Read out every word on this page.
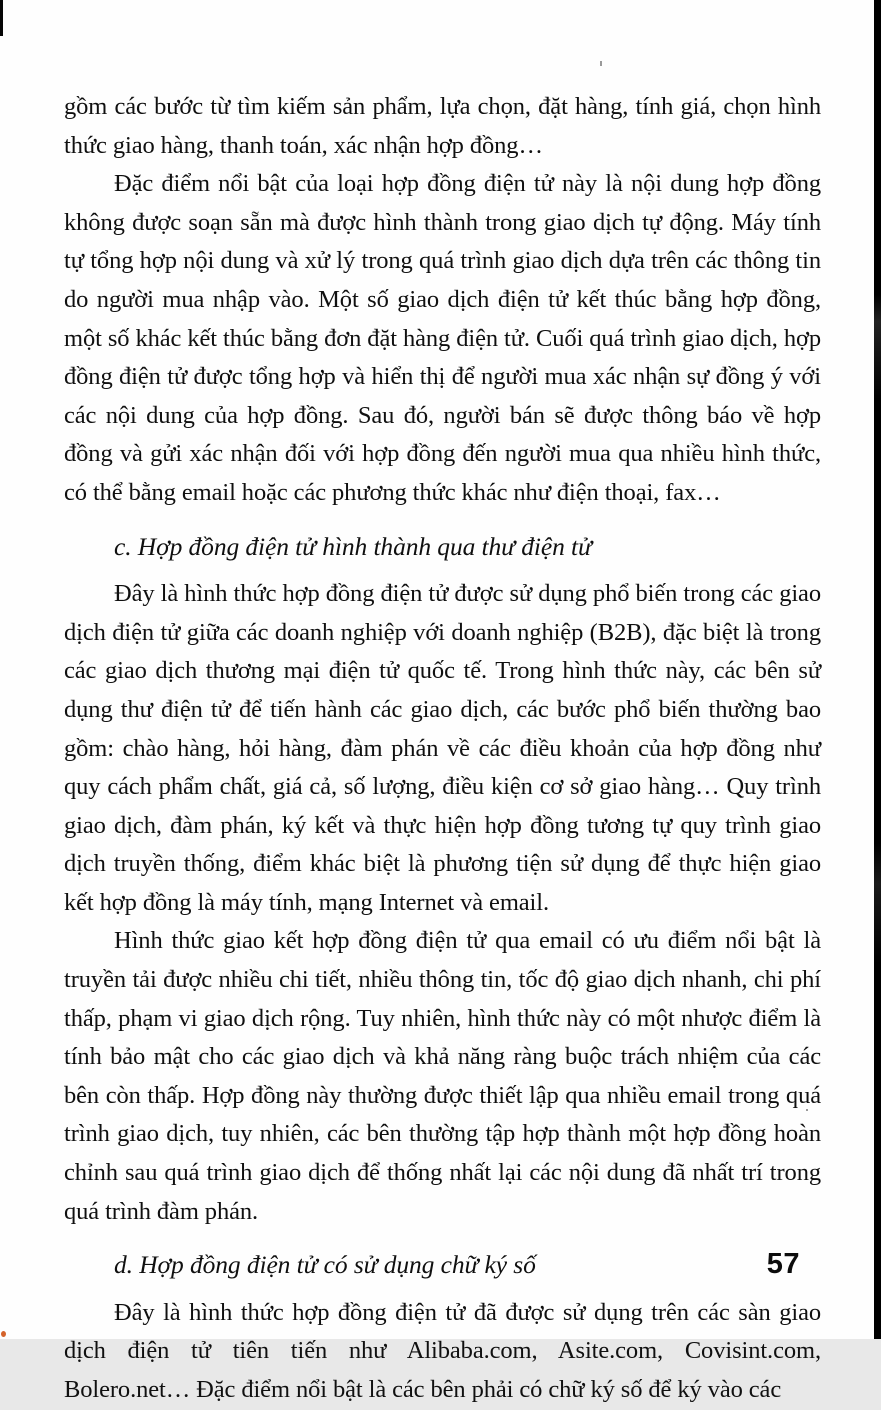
gồm các bước từ tìm kiếm sản phẩm, lựa chọn, đặt hàng, tính giá, chọn hình thức giao hàng, thanh toán, xác nhận hợp đồng…

Đặc điểm nổi bật của loại hợp đồng điện tử này là nội dung hợp đồng không được soạn sẵn mà được hình thành trong giao dịch tự động. Máy tính tự tổng hợp nội dung và xử lý trong quá trình giao dịch dựa trên các thông tin do người mua nhập vào. Một số giao dịch điện tử kết thúc bằng hợp đồng, một số khác kết thúc bằng đơn đặt hàng điện tử. Cuối quá trình giao dịch, hợp đồng điện tử được tổng hợp và hiển thị để người mua xác nhận sự đồng ý với các nội dung của hợp đồng. Sau đó, người bán sẽ được thông báo về hợp đồng và gửi xác nhận đối với hợp đồng đến người mua qua nhiều hình thức, có thể bằng email hoặc các phương thức khác như điện thoại, fax…

c. Hợp đồng điện tử hình thành qua thư điện tử

Đây là hình thức hợp đồng điện tử được sử dụng phổ biến trong các giao dịch điện tử giữa các doanh nghiệp với doanh nghiệp (B2B), đặc biệt là trong các giao dịch thương mại điện tử quốc tế. Trong hình thức này, các bên sử dụng thư điện tử để tiến hành các giao dịch, các bước phổ biến thường bao gồm: chào hàng, hỏi hàng, đàm phán về các điều khoản của hợp đồng như quy cách phẩm chất, giá cả, số lượng, điều kiện cơ sở giao hàng… Quy trình giao dịch, đàm phán, ký kết và thực hiện hợp đồng tương tự quy trình giao dịch truyền thống, điểm khác biệt là phương tiện sử dụng để thực hiện giao kết hợp đồng là máy tính, mạng Internet và email.

Hình thức giao kết hợp đồng điện tử qua email có ưu điểm nổi bật là truyền tải được nhiều chi tiết, nhiều thông tin, tốc độ giao dịch nhanh, chi phí thấp, phạm vi giao dịch rộng. Tuy nhiên, hình thức này có một nhược điểm là tính bảo mật cho các giao dịch và khả năng ràng buộc trách nhiệm của các bên còn thấp. Hợp đồng này thường được thiết lập qua nhiều email trong quá trình giao dịch, tuy nhiên, các bên thường tập hợp thành một hợp đồng hoàn chỉnh sau quá trình giao dịch để thống nhất lại các nội dung đã nhất trí trong quá trình đàm phán.

d. Hợp đồng điện tử có sử dụng chữ ký số

Đây là hình thức hợp đồng điện tử đã được sử dụng trên các sàn giao dịch điện tử tiên tiến như Alibaba.com, Asite.com, Covisint.com, Bolero.net… Đặc điểm nổi bật là các bên phải có chữ ký số để ký vào các

57
